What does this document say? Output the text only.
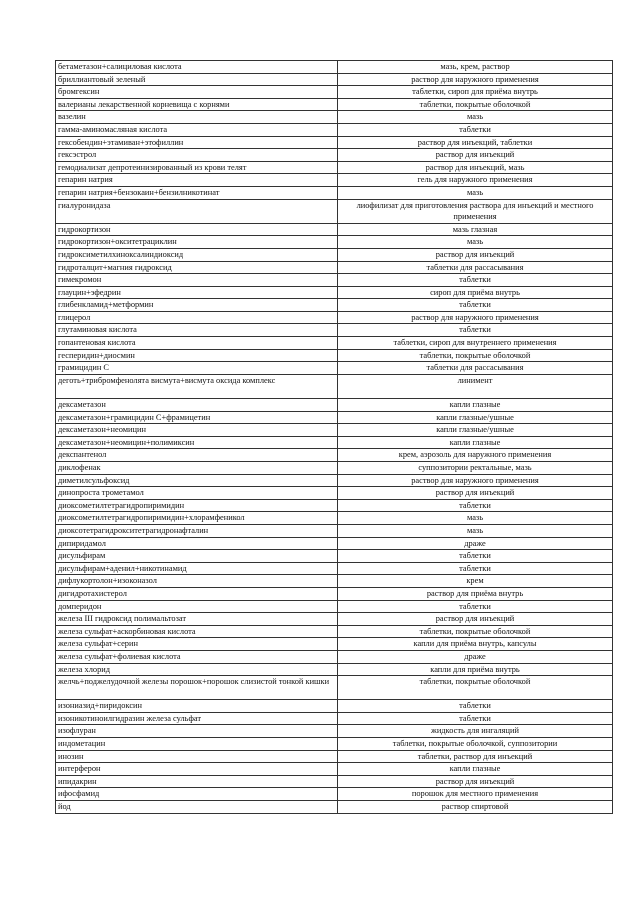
бетаметазон+салициловая кислота	мазь, крем, раствор
бриллиантовый зеленый	раствор для наружного применения
бромгексин	таблетки, сироп для приёма внутрь
валерианы лекарственной корневища с корнями	таблетки, покрытые оболочкой
вазелин	мазь
гамма-аминомасляная кислота	таблетки
гексобендин+этамиван+этофиллин	раствор для инъекций, таблетки
гексэстрол	раствор для инъекций
гемодиализат депротеинизированный из крови телят	раствор для инъекций, мазь
гепарин натрия	гель для наружного применения
гепарин натрия+бензокаин+бензилникотинат	мазь
гиалуронидаза	лиофилизат для приготовления раствора для инъекций и местного применения
гидрокортизон	мазь глазная
гидрокортизон+окситетрациклин	мазь
гидроксиметилхиноксалиндиоксид	раствор для инъекций
гидроталцит+магния гидроксид	таблетки для рассасывания
гимекромон	таблетки
глауцин+эфедрин	сироп для приёма внутрь
глибенкламид+метформин	таблетки
глицерол	раствор для наружного применения
глутаминовая кислота	таблетки
гопантеновая кислота	таблетки, сироп для внутреннего применения
гесперидин+диосмин	таблетки, покрытые оболочкой
грамицидин С	таблетки для рассасывания
деготь+трибромфенолята висмута+висмута оксида комплекс	линимент
дексаметазон	капли глазные
дексаметазон+грамицидин С+фрамицетин	капли глазные/ушные
дексаметазон+неомицин	капли глазные/ушные
дексаметазон+неомицин+полимиксин	капли глазные
декспантенол	крем, аэрозоль для наружного применения
диклофенак	суппозитории ректальные, мазь
диметилсульфоксид	раствор для наружного применения
динопроста трометамол	раствор для инъекций
диоксометилтетрагидропиримидин	таблетки
диоксометилтетрагидропиримидин+хлорамфеникол	мазь
диоксотетрагидрокситетрагидронафталин	мазь
дипиридамол	драже
дисульфирам	таблетки
дисульфирам+аденил+никотинамид	таблетки
дифлукортолон+изоконазол	крем
дигидротахистерол	раствор для приёма внутрь
домперидон	таблетки
железа III гидроксид полимальтозат	раствор для инъекций
железа сульфат+аскорбиновая кислота	таблетки, покрытые оболочкой
железа сульфат+серин	капли для приёма внутрь, капсулы
железа сульфат+фолиевая кислота	драже
железа хлорид	капли для приёма внутрь
желчь+поджелудочной железы порошок+порошок слизистой тонкой кишки	таблетки, покрытые оболочкой
изониазид+пиридоксин	таблетки
изоникотиноилгидразин железа сульфат	таблетки
изофлуран	жидкость для ингаляций
индометацин	таблетки, покрытые оболочкой, суппозитории
инозин	таблетки, раствор для инъекций
интерферон	капли глазные
ипидакрин	раствор для инъекций
ифосфамид	порошок для местного применения
йод	раствор спиртовой
